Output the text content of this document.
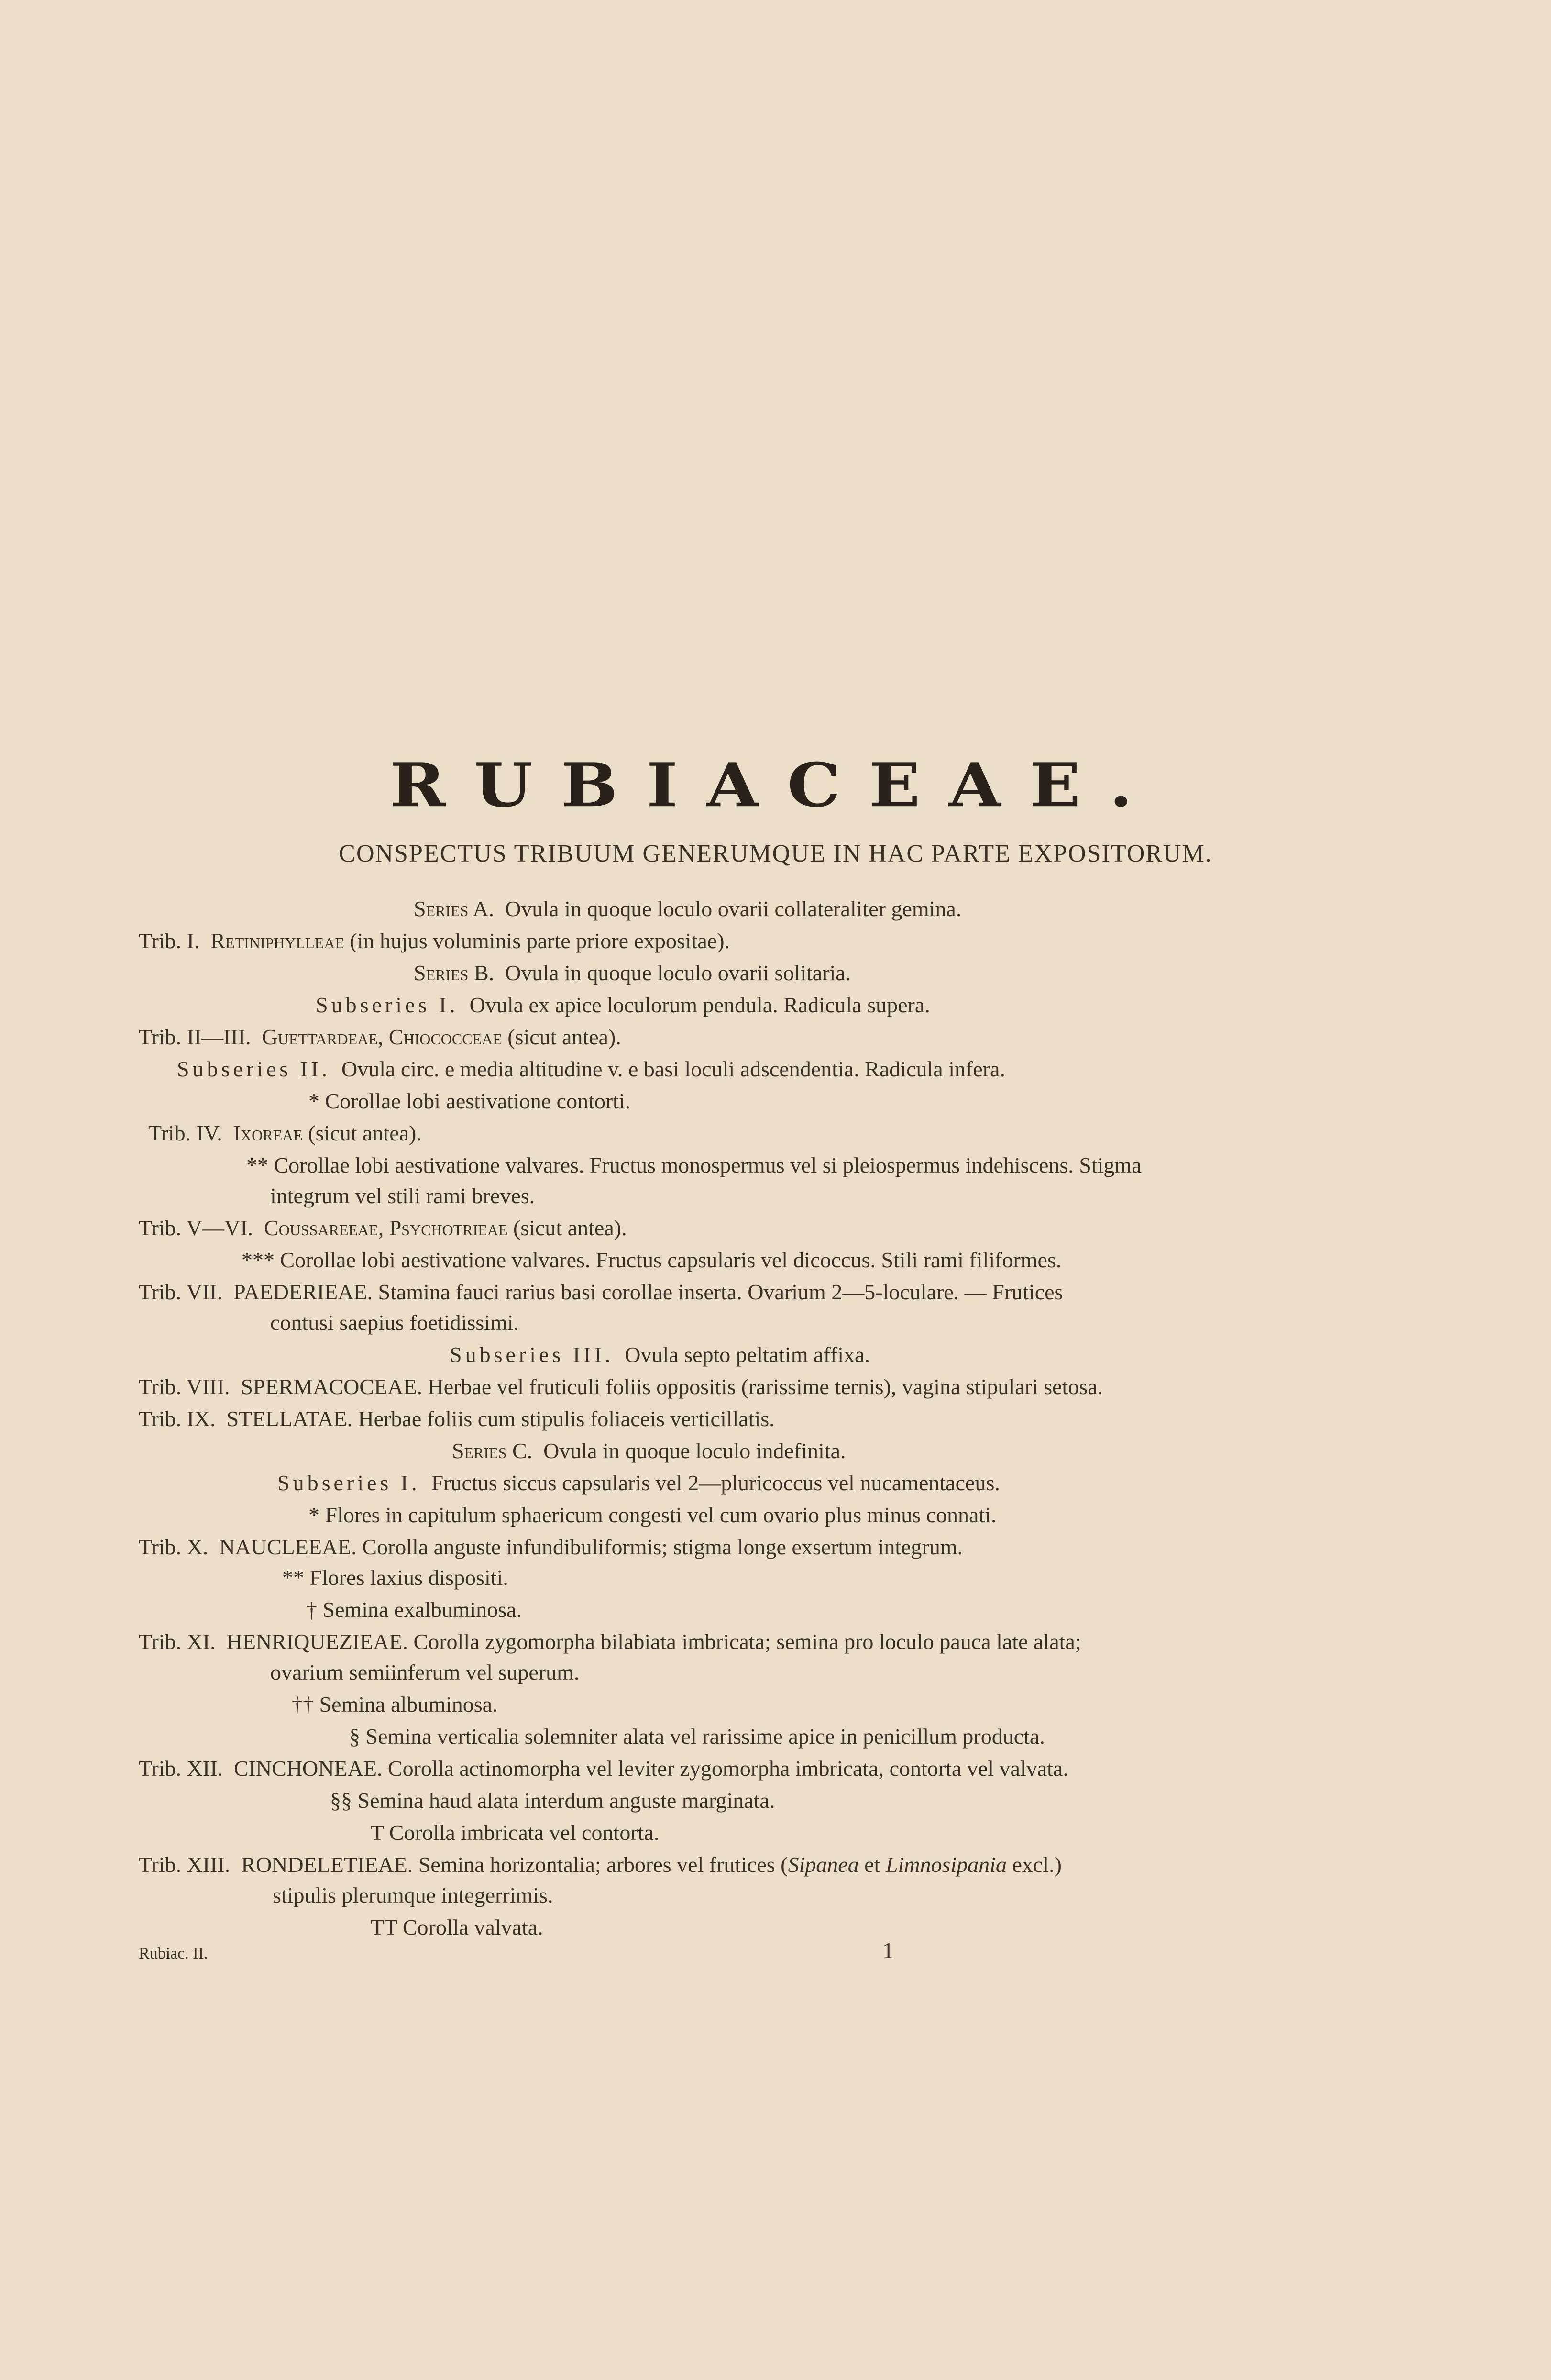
RUBIACEAE.
CONSPECTUS TRIBUUM GENERUMQUE IN HAC PARTE EXPOSITORUM.
Series A. Ovula in quoque loculo ovarii collateraliter gemina.
Trib. I. Retiniphylleae (in hujus voluminis parte priore expositae).
Series B. Ovula in quoque loculo ovarii solitaria.
Subseries I. Ovula ex apice loculorum pendula. Radicula supera.
Trib. II—III. Guettardeae, Chiococceae (sicut antea).
Subseries II. Ovula circ. e media altitudine v. e basi loculi adscendentia. Radicula infera.
* Corollae lobi aestivatione contorti.
Trib. IV. Ixoreae (sicut antea).
** Corollae lobi aestivatione valvares. Fructus monospermus vel si pleiospermus indehiscens. Stigma
integrum vel stili rami breves.
Trib. V—VI. Coussareeae, Psychotrieae (sicut antea).
*** Corollae lobi aestivatione valvares. Fructus capsularis vel dicoccus. Stili rami filiformes.
Trib. VII. PAEDERIEAE. Stamina fauci rarius basi corollae inserta. Ovarium 2—5-loculare. — Frutices
contusi saepius foetidissimi.
Subseries III. Ovula septo peltatim affixa.
Trib. VIII. SPERMACOCEAE. Herbae vel fruticuli foliis oppositis (rarissime ternis), vagina stipulari setosa.
Trib. IX. STELLATAE. Herbae foliis cum stipulis foliaceis verticillatis.
Series C. Ovula in quoque loculo indefinita.
Subseries I. Fructus siccus capsularis vel 2—pluricoccus vel nucamentaceus.
* Flores in capitulum sphaericum congesti vel cum ovario plus minus connati.
Trib. X. NAUCLEEAE. Corolla anguste infundibuliformis; stigma longe exsertum integrum.
** Flores laxius dispositi.
† Semina exalbuminosa.
Trib. XI. HENRIQUEZIEAE. Corolla zygomorpha bilabiata imbricata; semina pro loculo pauca late alata;
ovarium semiinferum vel superum.
†† Semina albuminosa.
§ Semina verticalia solemniter alata vel rarissime apice in penicillum producta.
Trib. XII. CINCHONEAE. Corolla actinomorpha vel leviter zygomorpha imbricata, contorta vel valvata.
§§ Semina haud alata interdum anguste marginata.
T Corolla imbricata vel contorta.
Trib. XIII. RONDELETIEAE. Semina horizontalia; arbores vel frutices (Sipanea et Limnosipania excl.)
stipulis plerumque integerrimis.
TT Corolla valvata.
Rubiac. II.	1
